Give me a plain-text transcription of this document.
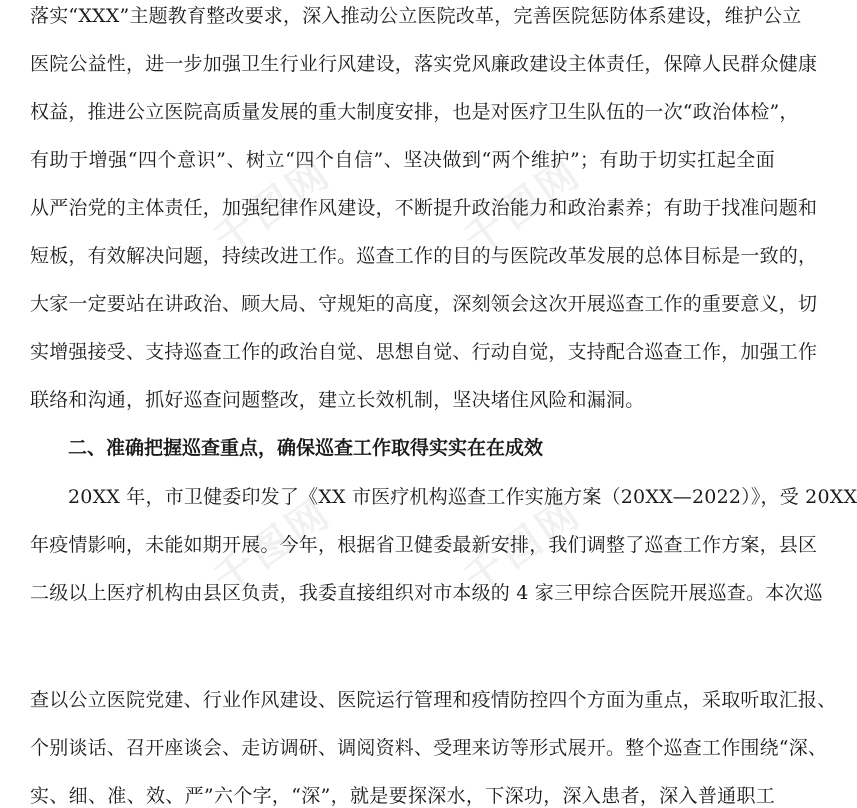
千图网	千图网
千图网	千图网
落实“XXX”主题教育整改要求，深入推动公立医院改革，完善医院惩防体系建设，维护公立
医院公益性，进一步加强卫生行业行风建设，落实党风廉政建设主体责任，保障人民群众健康
权益，推进公立医院高质量发展的重大制度安排，也是对医疗卫生队伍的一次“政治体检”，
有助于增强“四个意识”、树立“四个自信”、坚决做到“两个维护”；有助于切实扛起全面
从严治党的主体责任，加强纪律作风建设，不断提升政治能力和政治素养；有助于找准问题和
短板，有效解决问题，持续改进工作。巡查工作的目的与医院改革发展的总体目标是一致的，
大家一定要站在讲政治、顾大局、守规矩的高度，深刻领会这次开展巡查工作的重要意义，切
实增强接受、支持巡查工作的政治自觉、思想自觉、行动自觉，支持配合巡查工作，加强工作
联络和沟通，抓好巡查问题整改，建立长效机制，坚决堵住风险和漏洞。
二、准确把握巡查重点，确保巡查工作取得实实在在成效
20XX 年，市卫健委印发了《XX 市医疗机构巡查工作实施方案（20XX—2022）》，受 20XX
年疫情影响，未能如期开展。今年，根据省卫健委最新安排，我们调整了巡查工作方案，县区
二级以上医疗机构由县区负责，我委直接组织对市本级的 4 家三甲综合医院开展巡查。本次巡
查以公立医院党建、行业作风建设、医院运行管理和疫情防控四个方面为重点，采取听取汇报、
个别谈话、召开座谈会、走访调研、调阅资料、受理来访等形式展开。整个巡查工作围绕“深、
实、细、准、效、严”六个字，“深”，就是要探深水，下深功，深入患者，深入普通职工
